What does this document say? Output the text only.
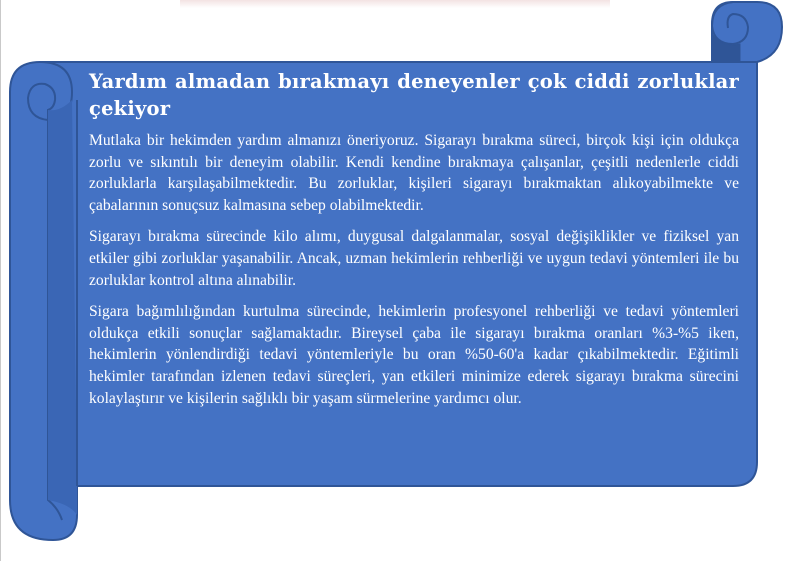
Yardım almadan bırakmayı deneyenler çok ciddi zorluklar çekiyor

Mutlaka bir hekimden yardım almanızı öneriyoruz. Sigarayı bırakma süreci, birçok kişi için oldukça zorlu ve sıkıntılı bir deneyim olabilir. Kendi kendine bırakmaya çalışanlar, çeşitli nedenlerle ciddi zorluklarla karşılaşabilmektedir. Bu zorluklar, kişileri sigarayı bırakmaktan alıkoyabilmekte ve çabalarının sonuçsuz kalmasına sebep olabilmektedir.

Sigarayı bırakma sürecinde kilo alımı, duygusal dalgalanmalar, sosyal değişiklikler ve fiziksel yan etkiler gibi zorluklar yaşanabilir. Ancak, uzman hekimlerin rehberliği ve uygun tedavi yöntemleri ile bu zorluklar kontrol altına alınabilir.

Sigara bağımlılığından kurtulma sürecinde, hekimlerin profesyonel rehberliği ve tedavi yöntemleri oldukça etkili sonuçlar sağlamaktadır. Bireysel çaba ile sigarayı bırakma oranları %3-%5 iken, hekimlerin yönlendirdiği tedavi yöntemleriyle bu oran %50-60'a kadar çıkabilmektedir. Eğitimli hekimler tarafından izlenen tedavi süreçleri, yan etkileri minimize ederek sigarayı bırakma sürecini kolaylaştırır ve kişilerin sağlıklı bir yaşam sürmelerine yardımcı olur.
